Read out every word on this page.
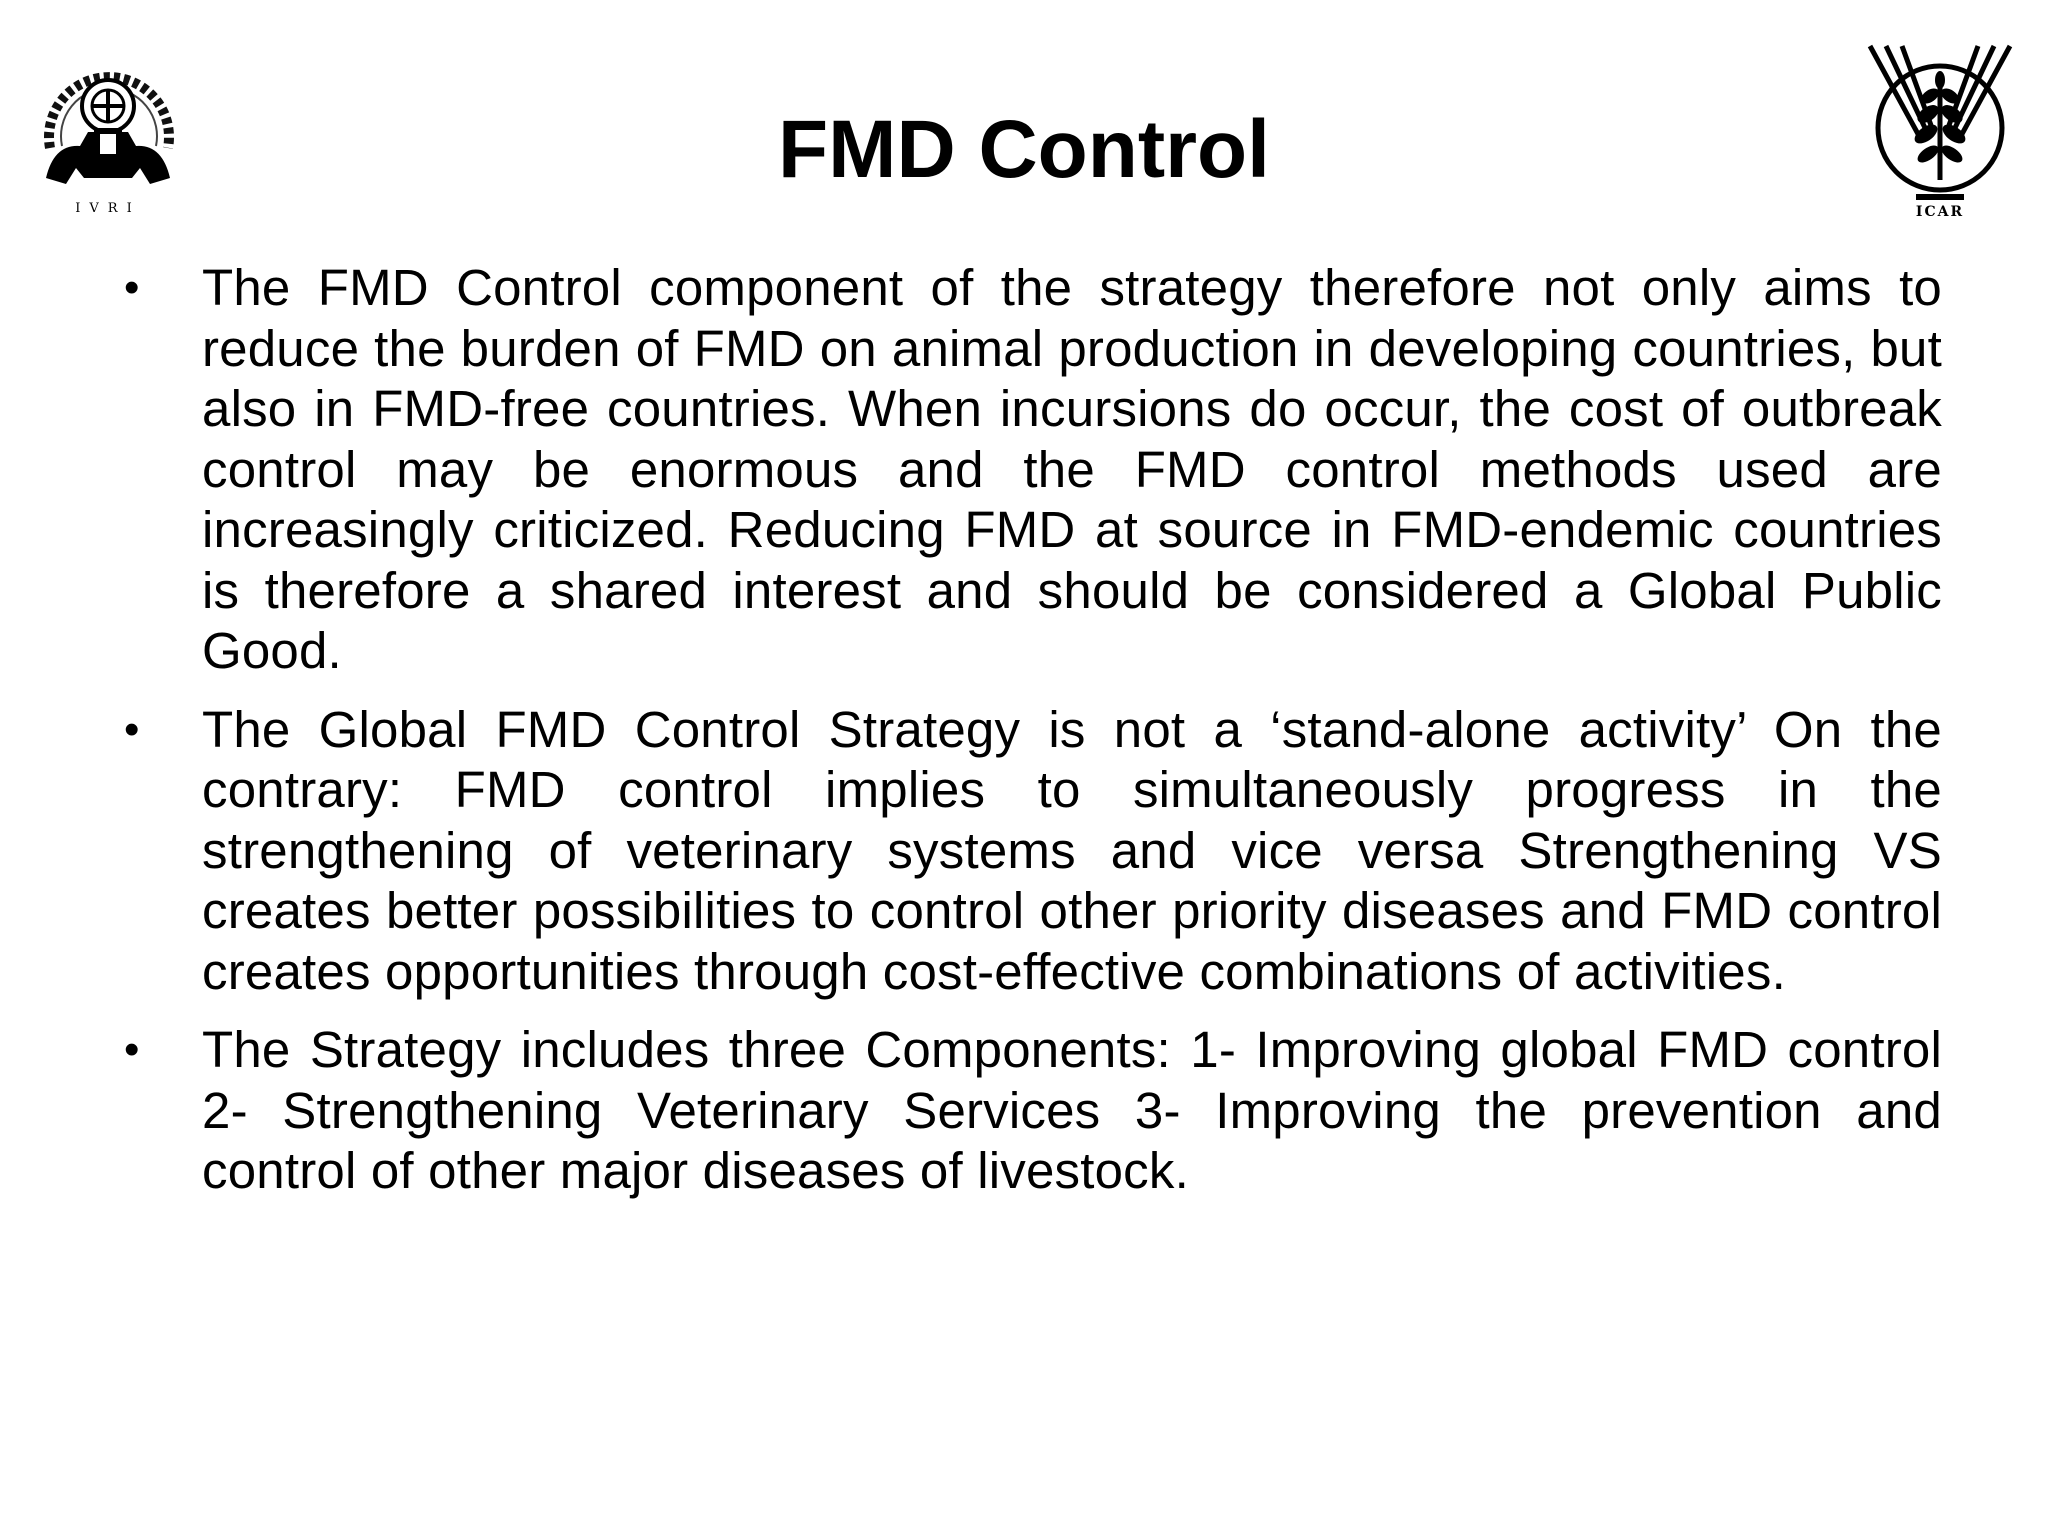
IVRI	ICAR
FMD Control
• The FMD Control component of the strategy therefore not only aims to reduce the burden of FMD on animal production in developing countries, but also in FMD-free countries. When incursions do occur, the cost of outbreak control may be enormous and the FMD control methods used are increasingly criticized. Reducing FMD at source in FMD-endemic countries is therefore a shared interest and should be considered a Global Public Good.
• The Global FMD Control Strategy is not a ‘stand-alone activity’ On the contrary: FMD control implies to simultaneously progress in the strengthening of veterinary systems and vice versa Strengthening VS creates better possibilities to control other priority diseases and FMD control creates opportunities through cost-effective combinations of activities.
• The Strategy includes three Components: 1- Improving global FMD control 2- Strengthening Veterinary Services 3- Improving the prevention and control of other major diseases of livestock.
